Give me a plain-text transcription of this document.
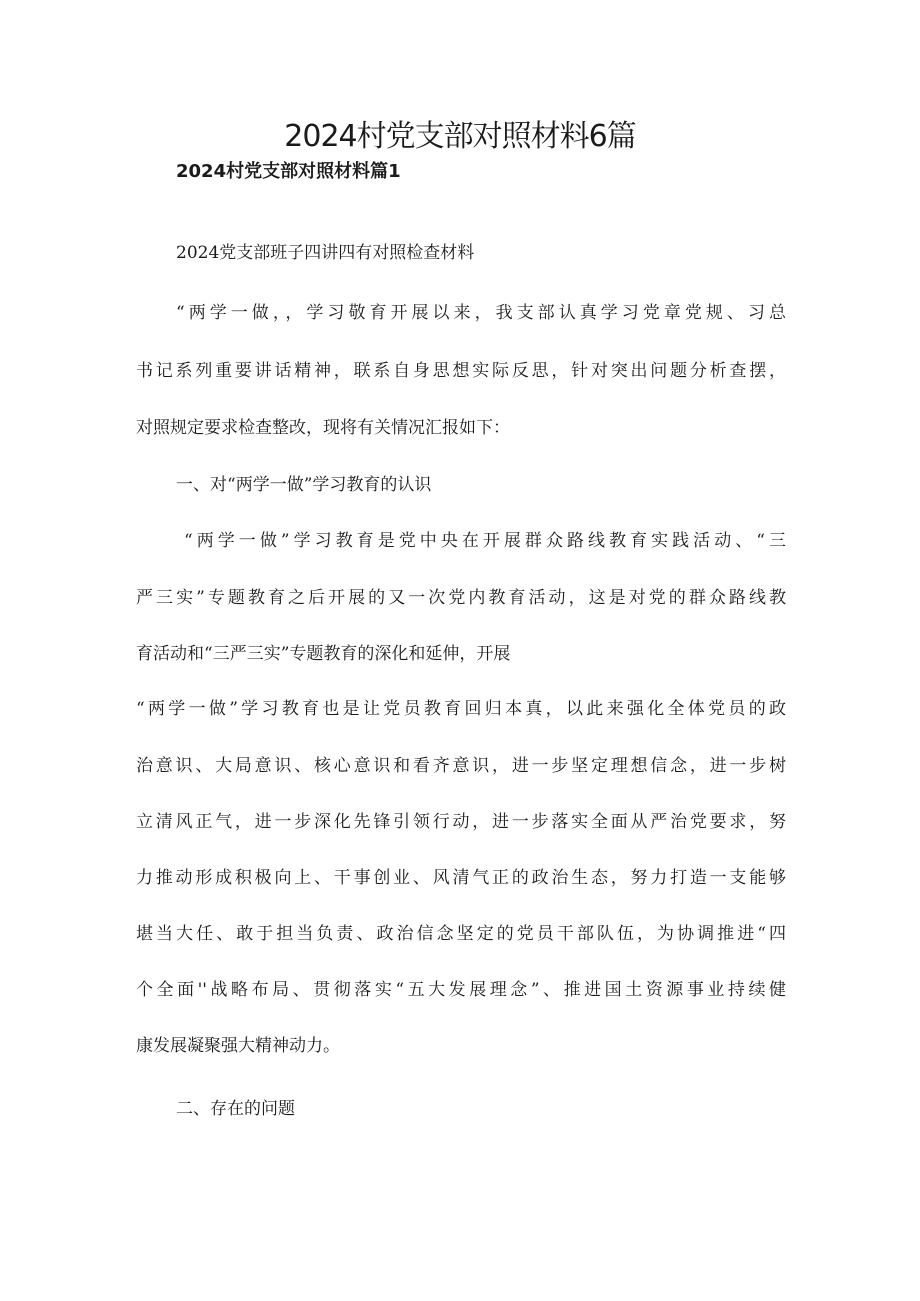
2024村党支部对照材料6篇

2024村党支部对照材料篇1

2024党支部班子四讲四有对照检查材料

“两学一做，，学习敬育开展以来，我支部认真学习党章党规、习总

书记系列重要讲话精神，联系自身思想实际反思，针对突出问题分析查摆，

对照规定要求检查整改，现将有关情况汇报如下：

一、对“两学一做”学习教育的认识

“两学一做”学习教育是党中央在开展群众路线教育实践活动、“三

严三实”专题教育之后开展的又一次党内教育活动，这是对党的群众路线教

育活动和“三严三实”专题教育的深化和延伸，开展

“两学一做”学习教育也是让党员教育回归本真，以此来强化全体党员的政

治意识、大局意识、核心意识和看齐意识，进一步坚定理想信念，进一步树

立清风正气，进一步深化先锋引领行动，进一步落实全面从严治党要求，努

力推动形成积极向上、干事创业、风清气正的政治生态，努力打造一支能够

堪当大任、敢于担当负责、政治信念坚定的党员干部队伍，为协调推进“四

个全面''战略布局、贯彻落实“五大发展理念”、推进国土资源事业持续健

康发展凝聚强大精神动力。

二、存在的问题
